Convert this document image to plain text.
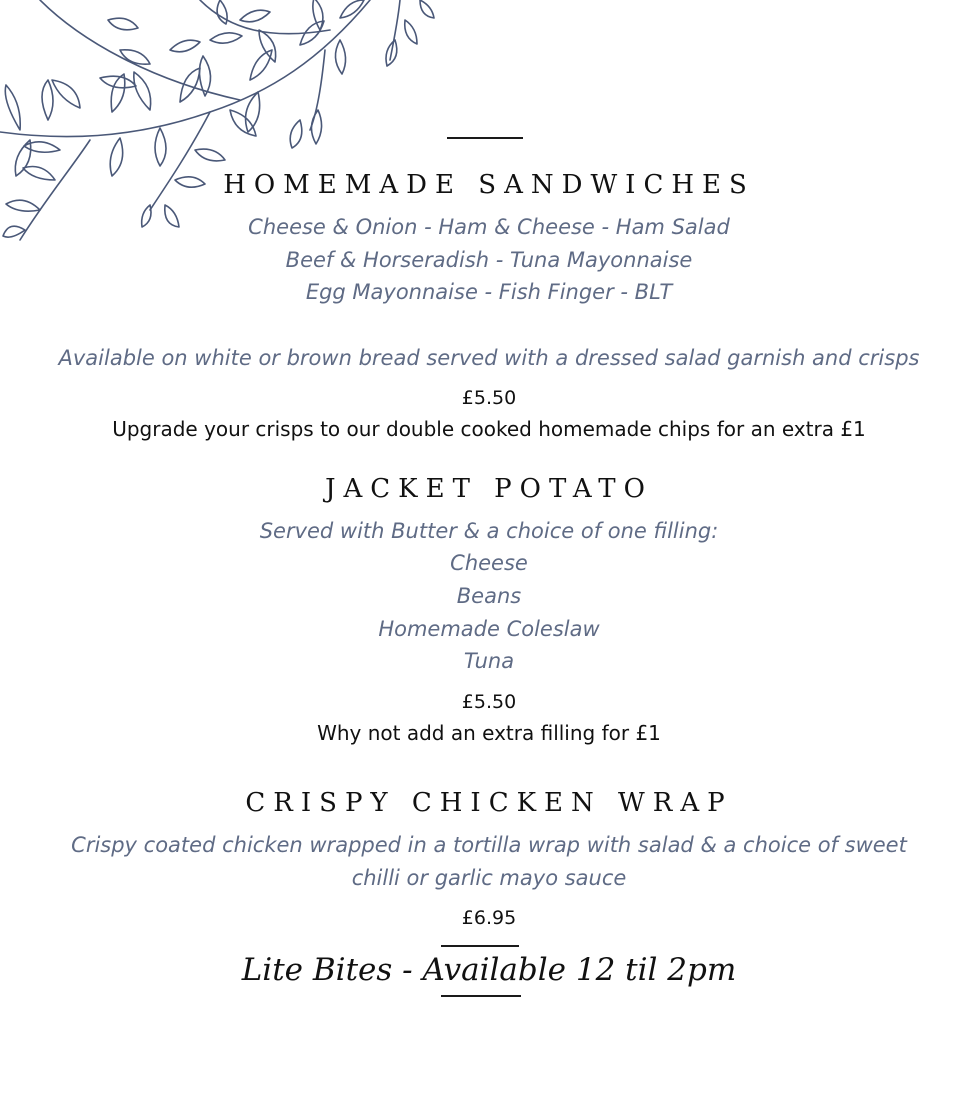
HOMEMADE SANDWICHES
Cheese & Onion - Ham & Cheese - Ham Salad
Beef & Horseradish - Tuna Mayonnaise
Egg Mayonnaise - Fish Finger - BLT
Available on white or brown bread served with a dressed salad garnish and crisps
£5.50
Upgrade your crisps to our double cooked homemade chips for an extra £1
JACKET POTATO
Served with Butter & a choice of one filling:
Cheese
Beans
Homemade Coleslaw
Tuna
£5.50
Why not add an extra filling for £1
CRISPY CHICKEN WRAP
Crispy coated chicken wrapped in a tortilla wrap with salad & a choice of sweet chilli or garlic mayo sauce
£6.95
Lite Bites - Available 12 til 2pm
